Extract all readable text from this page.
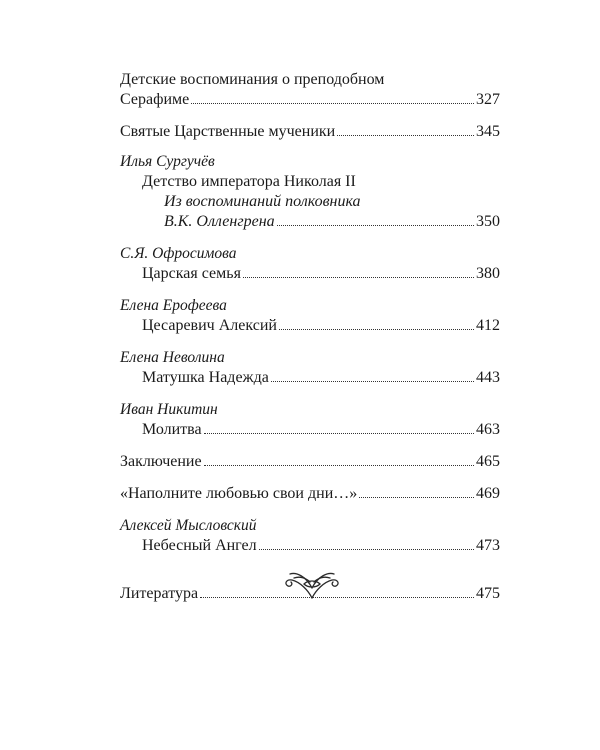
Детские воспоминания о преподобном
Серафиме	327
Святые Царственные мученики	345
Илья Сургучёв
Детство императора Николая II
Из воспоминаний полковника
В.К. Олленгрена	350
С.Я. Офросимова
Царская семья	380
Елена Ерофеева
Цесаревич Алексий	412
Елена Неволина
Матушка Надежда	443
Иван Никитин
Молитва	463
Заключение	465
«Наполните любовью свои дни…»	469
Алексей Мысловский
Небесный Ангел	473
Литература	475
